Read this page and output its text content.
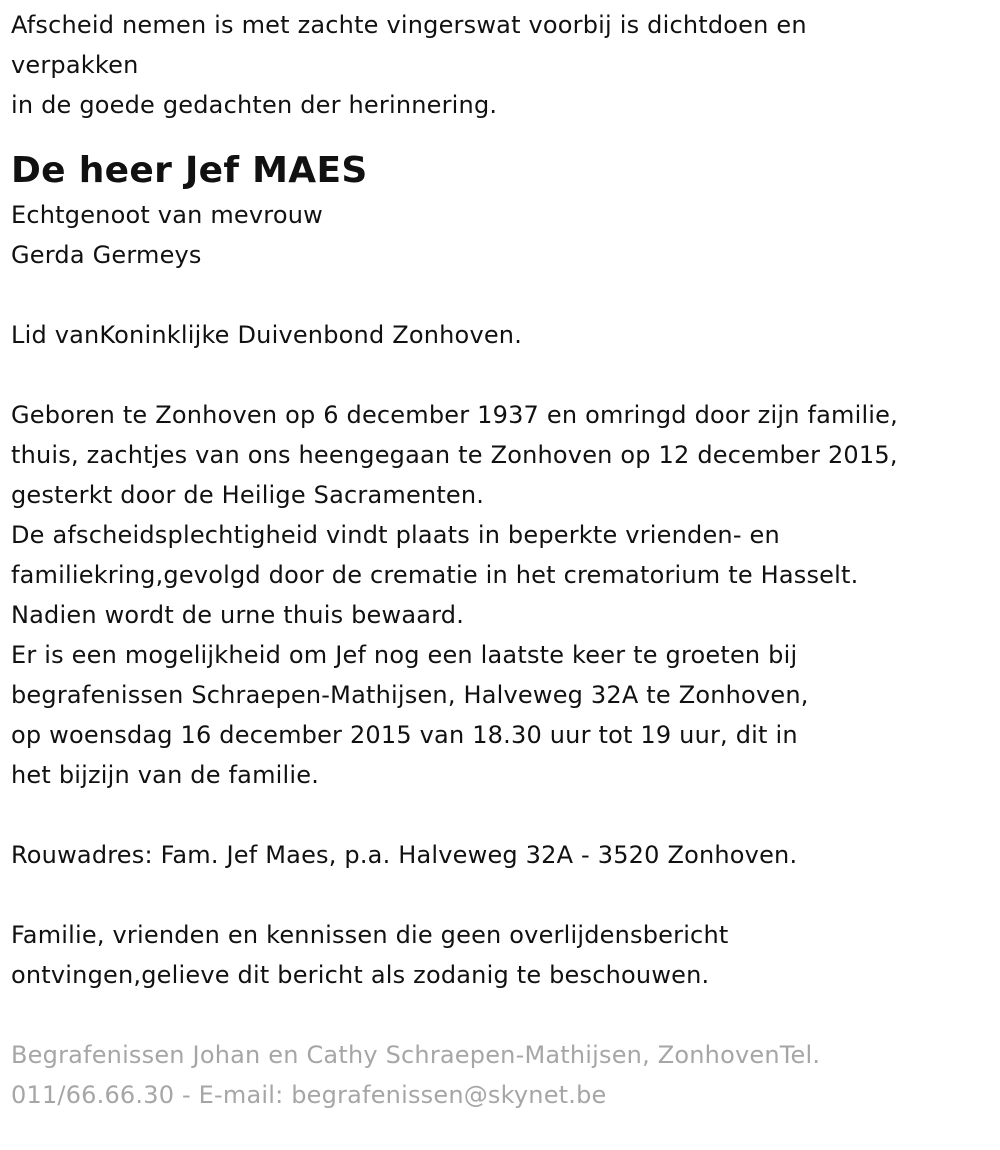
Afscheid nemen is met zachte vingerswat voorbij is dichtdoen en
verpakken
in de goede gedachten der herinnering.
De heer Jef MAES
Echtgenoot van mevrouw
Gerda Germeys
Lid vanKoninklijke Duivenbond Zonhoven.
Geboren te Zonhoven op 6 december 1937 en omringd door zijn familie,
thuis, zachtjes van ons heengegaan te Zonhoven op 12 december 2015,
gesterkt door de Heilige Sacramenten.
De afscheidsplechtigheid vindt plaats in beperkte vrienden- en
familiekring,gevolgd door de crematie in het crematorium te Hasselt.
Nadien wordt de urne thuis bewaard.
Er is een mogelijkheid om Jef nog een laatste keer te groeten bij
begrafenissen Schraepen-Mathijsen, Halveweg 32A te Zonhoven,
op woensdag 16 december 2015 van 18.30 uur tot 19 uur, dit in
het bijzijn van de familie.
Rouwadres: Fam. Jef Maes, p.a. Halveweg 32A - 3520 Zonhoven.
Familie, vrienden en kennissen die geen overlijdensbericht
ontvingen,gelieve dit bericht als zodanig te beschouwen.
Begrafenissen Johan en Cathy Schraepen-Mathijsen, ZonhovenTel.
011/66.66.30 - E-mail: begrafenissen@skynet.be
